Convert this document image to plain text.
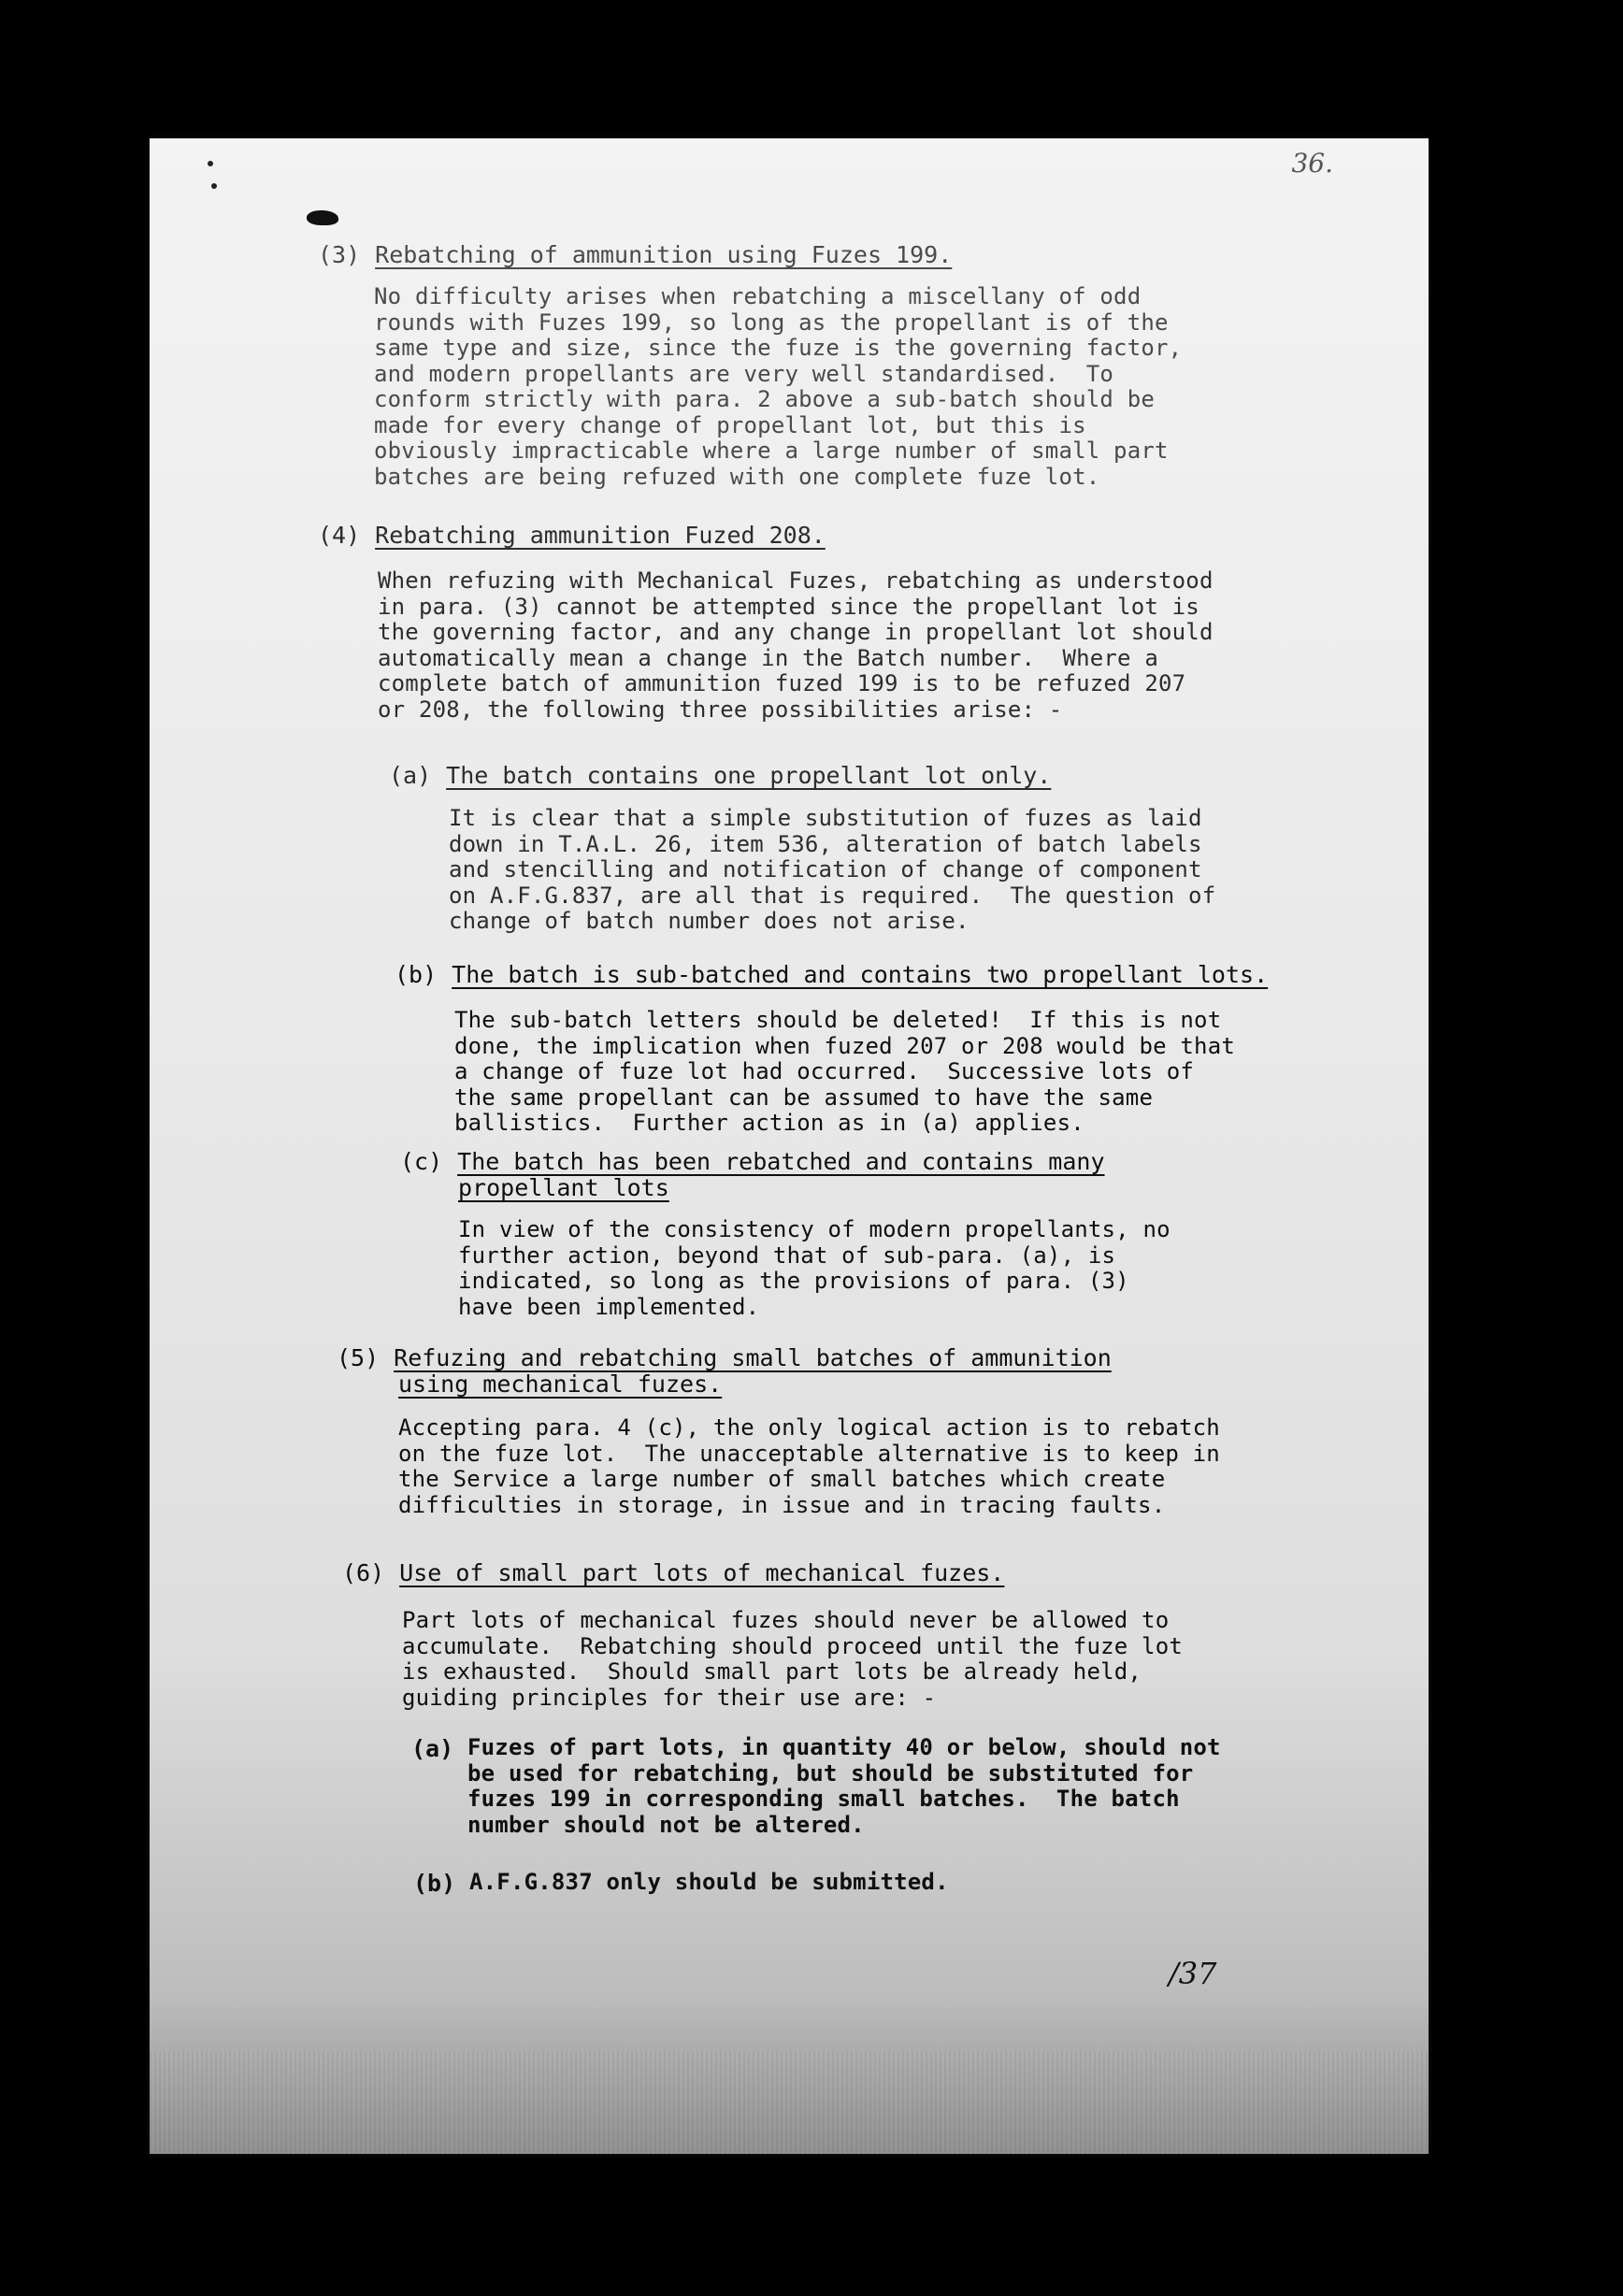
36.
(3) Rebatching of ammunition using Fuzes 199.
No difficulty arises when rebatching a miscellany of odd
rounds with Fuzes 199, so long as the propellant is of the
same type and size, since the fuze is the governing factor,
and modern propellants are very well standardised.  To
conform strictly with para. 2 above a sub-batch should be
made for every change of propellant lot, but this is
obviously impracticable where a large number of small part
batches are being refuzed with one complete fuze lot.
(4) Rebatching ammunition Fuzed 208.
When refuzing with Mechanical Fuzes, rebatching as understood
in para. (3) cannot be attempted since the propellant lot is
the governing factor, and any change in propellant lot should
automatically mean a change in the Batch number.  Where a
complete batch of ammunition fuzed 199 is to be refuzed 207
or 208, the following three possibilities arise: -
(a) The batch contains one propellant lot only.
It is clear that a simple substitution of fuzes as laid
down in T.A.L. 26, item 536, alteration of batch labels
and stencilling and notification of change of component
on A.F.G.837, are all that is required.  The question of
change of batch number does not arise.
(b) The batch is sub-batched and contains two propellant lots.
The sub-batch letters should be deleted!  If this is not
done, the implication when fuzed 207 or 208 would be that
a change of fuze lot had occurred.  Successive lots of
the same propellant can be assumed to have the same
ballistics.  Further action as in (a) applies.
(c) The batch has been rebatched and contains many
propellant lots
In view of the consistency of modern propellants, no
further action, beyond that of sub-para. (a), is
indicated, so long as the provisions of para. (3)
have been implemented.
(5) Refuzing and rebatching small batches of ammunition
using mechanical fuzes.
Accepting para. 4 (c), the only logical action is to rebatch
on the fuze lot.  The unacceptable alternative is to keep in
the Service a large number of small batches which create
difficulties in storage, in issue and in tracing faults.
(6) Use of small part lots of mechanical fuzes.
Part lots of mechanical fuzes should never be allowed to
accumulate.  Rebatching should proceed until the fuze lot
is exhausted.  Should small part lots be already held,
guiding principles for their use are: -
(a) Fuzes of part lots, in quantity 40 or below, should not
be used for rebatching, but should be substituted for
fuzes 199 in corresponding small batches.  The batch
number should not be altered.
(b) A.F.G.837 only should be submitted.
/37
